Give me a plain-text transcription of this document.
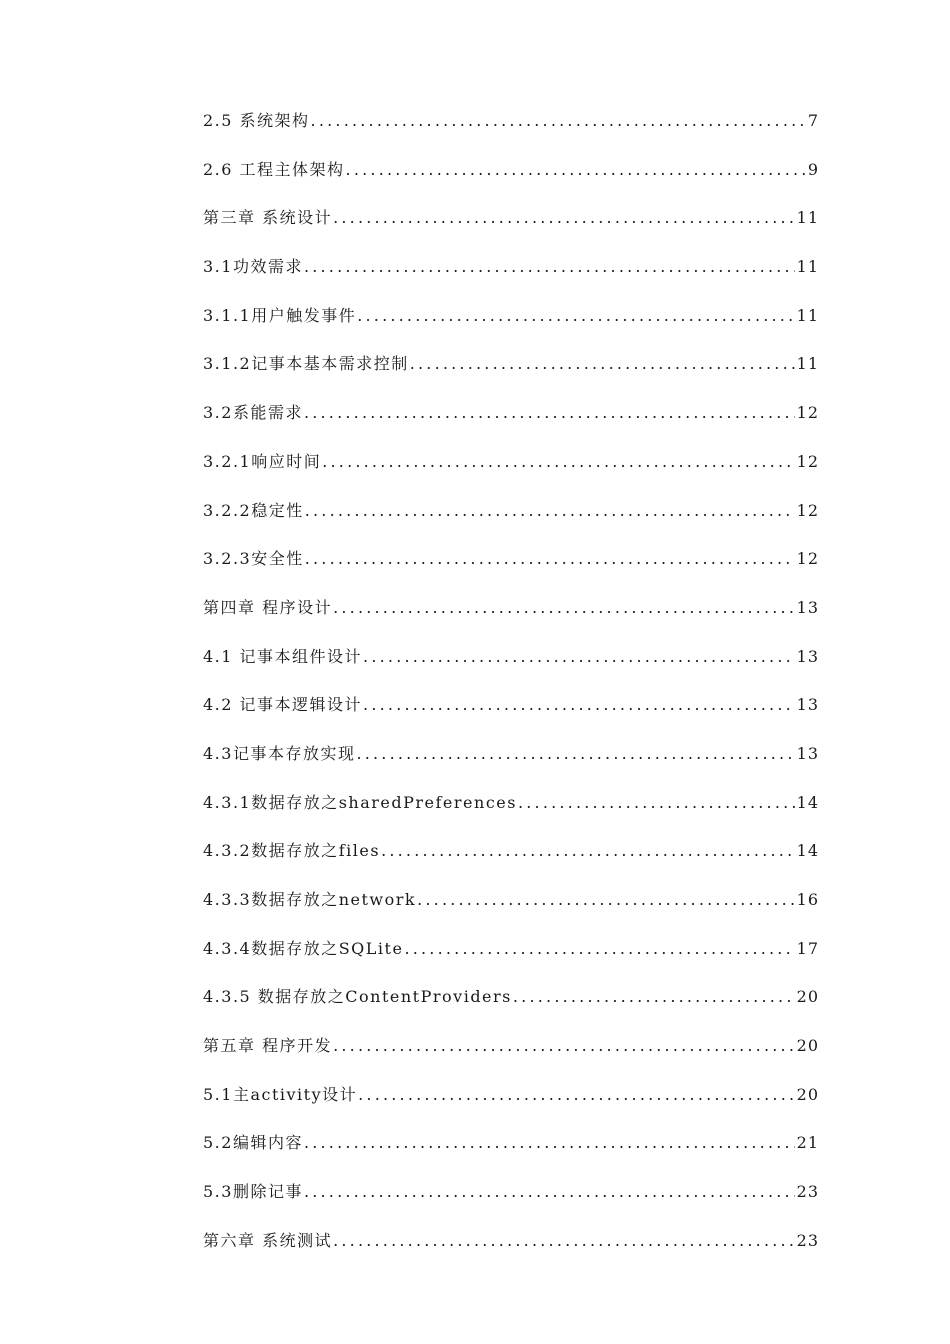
2.5 系统架构 .....	7
2.6 工程主体架构 .....	9
第三章 系统设计 .....	11
3.1功效需求 .....	11
3.1.1用户触发事件 .....	11
3.1.2记事本基本需求控制 .....	11
3.2系能需求 .....	12
3.2.1响应时间 .....	12
3.2.2稳定性 .....	12
3.2.3安全性 .....	12
第四章 程序设计 .....	13
4.1 记事本组件设计 .....	13
4.2 记事本逻辑设计 .....	13
4.3记事本存放实现 .....	13
4.3.1数据存放之sharedPreferences .....	14
4.3.2数据存放之files .....	14
4.3.3数据存放之network .....	16
4.3.4数据存放之SQLite .....	17
4.3.5 数据存放之ContentProviders .....	20
第五章 程序开发 .....	20
5.1主activity设计 .....	20
5.2编辑内容 .....	21
5.3删除记事 .....	23
第六章 系统测试 .....	23
